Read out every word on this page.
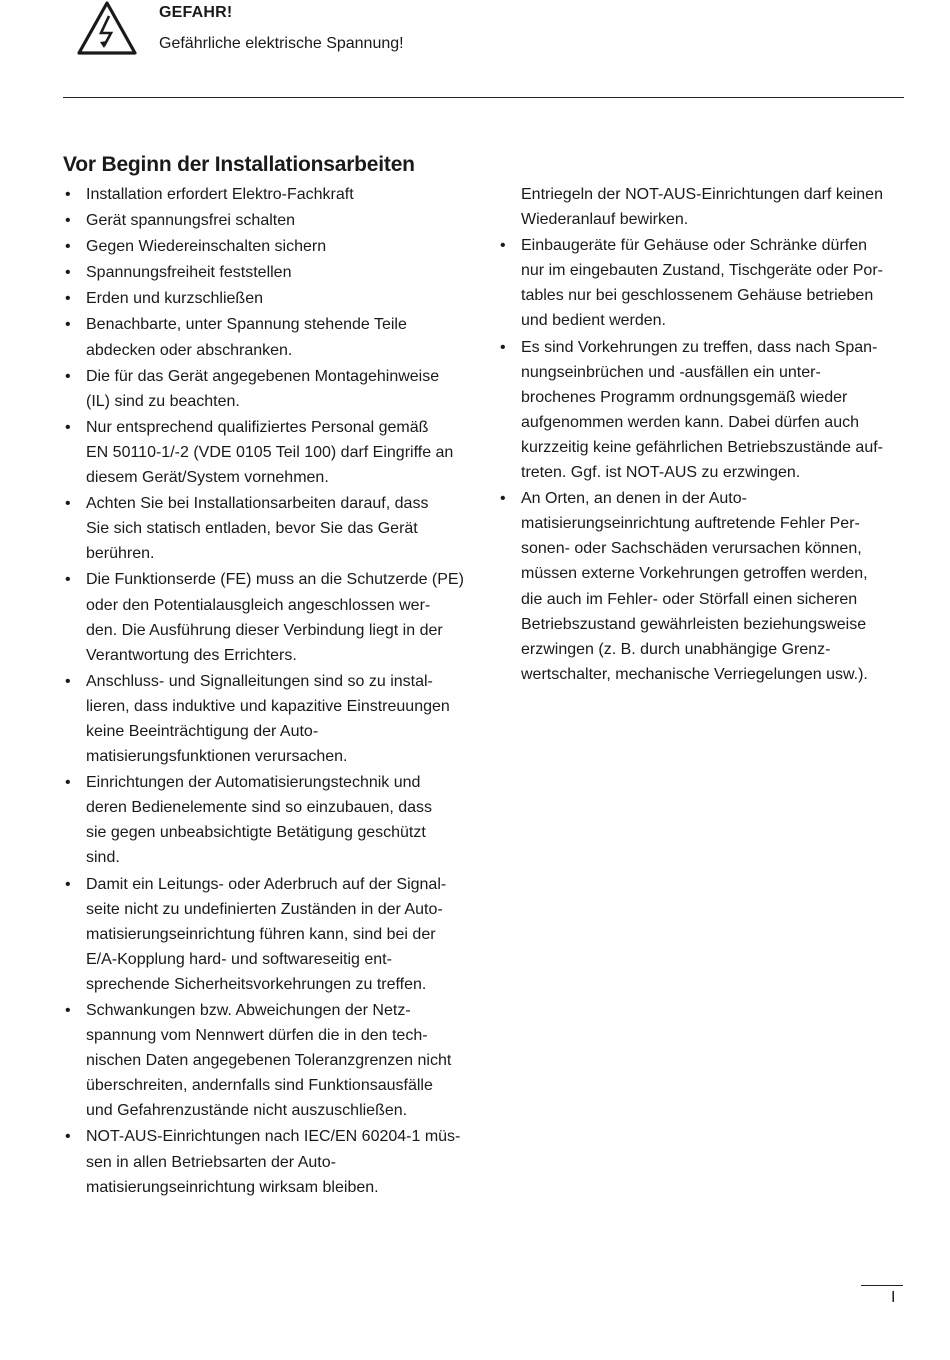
GEFAHR!
Gefährliche elektrische Spannung!
Vor Beginn der Installationsarbeiten
• Installation erfordert Elektro-Fachkraft
• Gerät spannungsfrei schalten
• Gegen Wiedereinschalten sichern
• Spannungsfreiheit feststellen
• Erden und kurzschließen
• Benachbarte, unter Spannung stehende Teile
abdecken oder abschranken.
• Die für das Gerät angegebenen Montagehinweise
(IL) sind zu beachten.
• Nur entsprechend qualifiziertes Personal gemäß
EN 50110-1/-2 (VDE 0105 Teil 100) darf Eingriffe an
diesem Gerät/System vornehmen.
• Achten Sie bei Installationsarbeiten darauf, dass
Sie sich statisch entladen, bevor Sie das Gerät
berühren.
• Die Funktionserde (FE) muss an die Schutzerde (PE)
oder den Potentialausgleich angeschlossen wer-
den. Die Ausführung dieser Verbindung liegt in der
Verantwortung des Errichters.
• Anschluss- und Signalleitungen sind so zu instal-
lieren, dass induktive und kapazitive Einstreuungen
keine Beeinträchtigung der Auto-
matisierungsfunktionen verursachen.
• Einrichtungen der Automatisierungstechnik und
deren Bedienelemente sind so einzubauen, dass
sie gegen unbeabsichtigte Betätigung geschützt
sind.
• Damit ein Leitungs- oder Aderbruch auf der Signal-
seite nicht zu undefinierten Zuständen in der Auto-
matisierungseinrichtung führen kann, sind bei der
E/A-Kopplung hard- und softwareseitig ent-
sprechende Sicherheitsvorkehrungen zu treffen.
• Schwankungen bzw. Abweichungen der Netz-
spannung vom Nennwert dürfen die in den tech-
nischen Daten angegebenen Toleranzgrenzen nicht
überschreiten, andernfalls sind Funktionsausfälle
und Gefahrenzustände nicht auszuschließen.
• NOT-AUS-Einrichtungen nach IEC/EN 60204-1 müs-
sen in allen Betriebsarten der Auto-
matisierungseinrichtung wirksam bleiben.
Entriegeln der NOT-AUS-Einrichtungen darf keinen
Wiederanlauf bewirken.
• Einbaugeräte für Gehäuse oder Schränke dürfen
nur im eingebauten Zustand, Tischgeräte oder Por-
tables nur bei geschlossenem Gehäuse betrieben
und bedient werden.
• Es sind Vorkehrungen zu treffen, dass nach Span-
nungseinbrüchen und -ausfällen ein unter-
brochenes Programm ordnungsgemäß wieder
aufgenommen werden kann. Dabei dürfen auch
kurzzeitig keine gefährlichen Betriebszustände auf-
treten. Ggf. ist NOT-AUS zu erzwingen.
• An Orten, an denen in der Auto-
matisierungseinrichtung auftretende Fehler Per-
sonen- oder Sachschäden verursachen können,
müssen externe Vorkehrungen getroffen werden,
die auch im Fehler- oder Störfall einen sicheren
Betriebszustand gewährleisten beziehungsweise
erzwingen (z. B. durch unabhängige Grenz-
wertschalter, mechanische Verriegelungen usw.).
I
